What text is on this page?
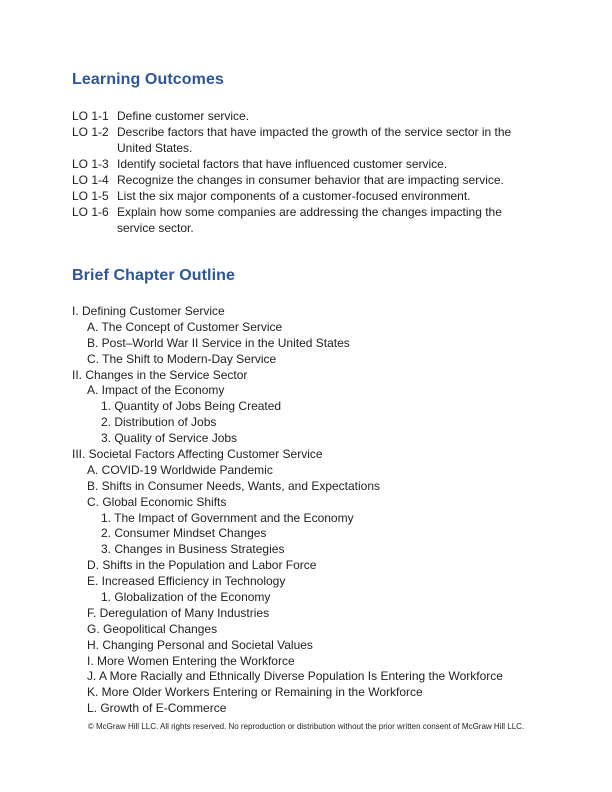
Learning Outcomes
LO 1-1 Define customer service.
LO 1-2 Describe factors that have impacted the growth of the service sector in the United States.
LO 1-3 Identify societal factors that have influenced customer service.
LO 1-4 Recognize the changes in consumer behavior that are impacting service.
LO 1-5 List the six major components of a customer-focused environment.
LO 1-6 Explain how some companies are addressing the changes impacting the service sector.
Brief Chapter Outline
I. Defining Customer Service
A. The Concept of Customer Service
B. Post–World War II Service in the United States
C. The Shift to Modern-Day Service
II. Changes in the Service Sector
A. Impact of the Economy
1. Quantity of Jobs Being Created
2. Distribution of Jobs
3. Quality of Service Jobs
III. Societal Factors Affecting Customer Service
A. COVID-19 Worldwide Pandemic
B. Shifts in Consumer Needs, Wants, and Expectations
C. Global Economic Shifts
1. The Impact of Government and the Economy
2. Consumer Mindset Changes
3. Changes in Business Strategies
D. Shifts in the Population and Labor Force
E. Increased Efficiency in Technology
1. Globalization of the Economy
F. Deregulation of Many Industries
G. Geopolitical Changes
H. Changing Personal and Societal Values
I. More Women Entering the Workforce
J. A More Racially and Ethnically Diverse Population Is Entering the Workforce
K. More Older Workers Entering or Remaining in the Workforce
L. Growth of E-Commerce
© McGraw Hill LLC. All rights reserved. No reproduction or distribution without the prior written consent of McGraw Hill LLC.
